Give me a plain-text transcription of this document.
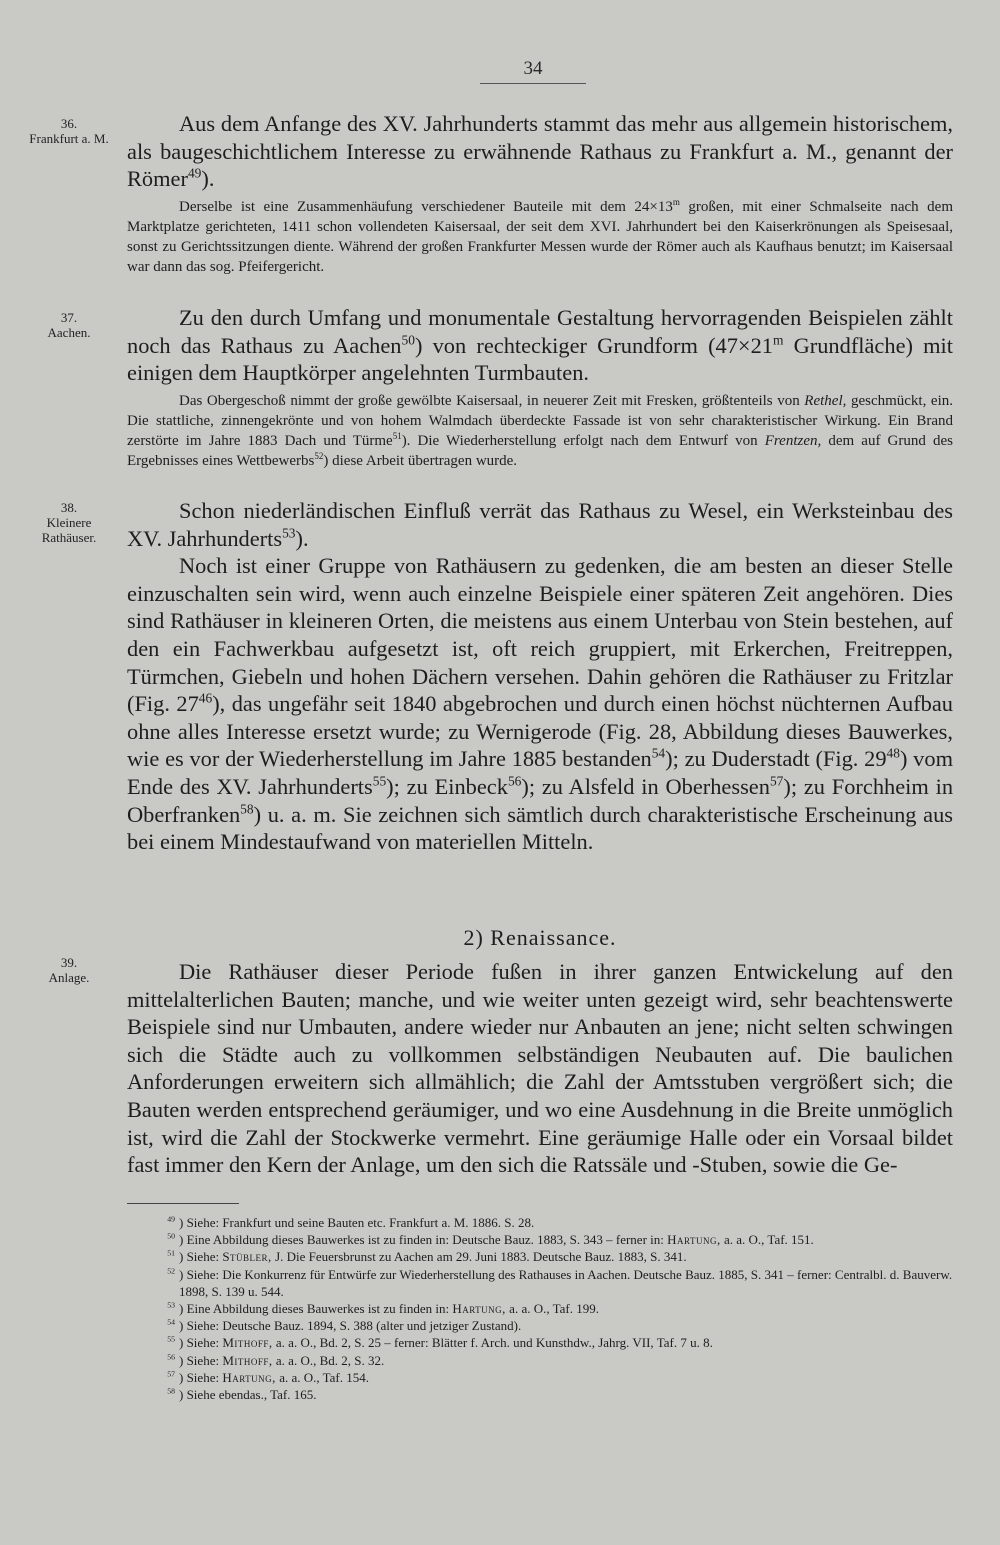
34
36.
Frankfurt a. M.
37.
Aachen.
38.
Kleinere
Rathäuser.
39.
Anlage.

Aus dem Anfange des XV. Jahrhunderts stammt das mehr aus allgemein historischem, als baugeschichtlichem Interesse zu erwähnende Rathaus zu Frankfurt a. M., genannt der Römer$^{49}$).

Derselbe ist eine Zusammenhäufung verschiedener Bauteile mit dem $24\times 13^m$ großen, mit einer Schmalseite nach dem Marktplatze gerichteten, 1411 schon vollendeten Kaisersaal, der seit dem XVI. Jahrhundert bei den Kaiserkrönungen als Speisesaal, sonst zu Gerichtssitzungen diente. Während der großen Frankfurter Messen wurde der Römer auch als Kaufhaus benutzt; im Kaisersaal war dann das sog. Pfeifergericht.

Zu den durch Umfang und monumentale Gestaltung hervorragenden Beispielen zählt noch das Rathaus zu Aachen$^{50}$) von rechteckiger Grundform ($47\times 21^m$ Grundfläche) mit einigen dem Hauptkörper angelehnten Turmbauten.

Das Obergeschoß nimmt der große gewölbte Kaisersaal, in neuerer Zeit mit Fresken, größtenteils von Rethel, geschmückt, ein. Die stattliche, zinnengekrönte und von hohem Walmdach überdeckte Fassade ist von sehr charakteristischer Wirkung. Ein Brand zerstörte im Jahre 1883 Dach und Türme$^{51}$). Die Wiederherstellung erfolgt nach dem Entwurf von Frentzen, dem auf Grund des Ergebnisses eines Wettbewerbs$^{52}$) diese Arbeit übertragen wurde.

Schon niederländischen Einfluß verrät das Rathaus zu Wesel, ein Werksteinbau des XV. Jahrhunderts$^{53}$).

Noch ist einer Gruppe von Rathäusern zu gedenken, die am besten an dieser Stelle einzuschalten sein wird, wenn auch einzelne Beispiele einer späteren Zeit angehören. Dies sind Rathäuser in kleineren Orten, die meistens aus einem Unterbau von Stein bestehen, auf den ein Fachwerkbau aufgesetzt ist, oft reich gruppiert, mit Erkerchen, Freitreppen, Türmchen, Giebeln und hohen Dächern versehen. Dahin gehören die Rathäuser zu Fritzlar (Fig. $27^{46}$), das ungefähr seit 1840 abgebrochen und durch einen höchst nüchternen Aufbau ohne alles Interesse ersetzt wurde; zu Wernigerode (Fig. 28, Abbildung dieses Bauwerkes, wie es vor der Wiederherstellung im Jahre 1885 bestanden$^{54}$); zu Duderstadt (Fig. $29^{48}$) vom Ende des XV. Jahrhunderts$^{55}$); zu Einbeck$^{56}$); zu Alsfeld in Oberhessen$^{57}$); zu Forchheim in Oberfranken$^{58}$) u. a. m. Sie zeichnen sich sämtlich durch charakteristische Erscheinung aus bei einem Mindestaufwand von materiellen Mitteln.

2) Renaissance.

Die Rathäuser dieser Periode fußen in ihrer ganzen Entwickelung auf den mittelalterlichen Bauten; manche, und wie weiter unten gezeigt wird, sehr beachtenswerte Beispiele sind nur Umbauten, andere wieder nur Anbauten an jene; nicht selten schwingen sich die Städte auch zu vollkommen selbständigen Neubauten auf. Die baulichen Anforderungen erweitern sich allmählich; die Zahl der Amtsstuben vergrößert sich; die Bauten werden entsprechend geräumiger, und wo eine Ausdehnung in die Breite unmöglich ist, wird die Zahl der Stockwerke vermehrt. Eine geräumige Halle oder ein Vorsaal bildet fast immer den Kern der Anlage, um den sich die Ratssäle und -Stuben, sowie die Ge-

$^{49}$ ) Siehe: Frankfurt und seine Bauten etc. Frankfurt a. M. 1886. S. 28.

$^{50}$ ) Eine Abbildung dieses Bauwerkes ist zu finden in: Deutsche Bauz. 1883, S. 343 – ferner in: Hartung, a. a. O., Taf. 151.

$^{51}$ ) Siehe: Stübler, J. Die Feuersbrunst zu Aachen am 29. Juni 1883. Deutsche Bauz. 1883, S. 341.

$^{52}$ ) Siehe: Die Konkurrenz für Entwürfe zur Wiederherstellung des Rathauses in Aachen. Deutsche Bauz. 1885, S. 341 – ferner: Centralbl. d. Bauverw. 1898, S. 139 u. 544.

$^{53}$ ) Eine Abbildung dieses Bauwerkes ist zu finden in: Hartung, a. a. O., Taf. 199.

$^{54}$ ) Siehe: Deutsche Bauz. 1894, S. 388 (alter und jetziger Zustand).

$^{55}$ ) Siehe: Mithoff, a. a. O., Bd. 2, S. 25 – ferner: Blätter f. Arch. und Kunsthdw., Jahrg. VII, Taf. 7 u. 8.

$^{56}$ ) Siehe: Mithoff, a. a. O., Bd. 2, S. 32.

$^{57}$ ) Siehe: Hartung, a. a. O., Taf. 154.

$^{58}$ ) Siehe ebendas., Taf. 165.
